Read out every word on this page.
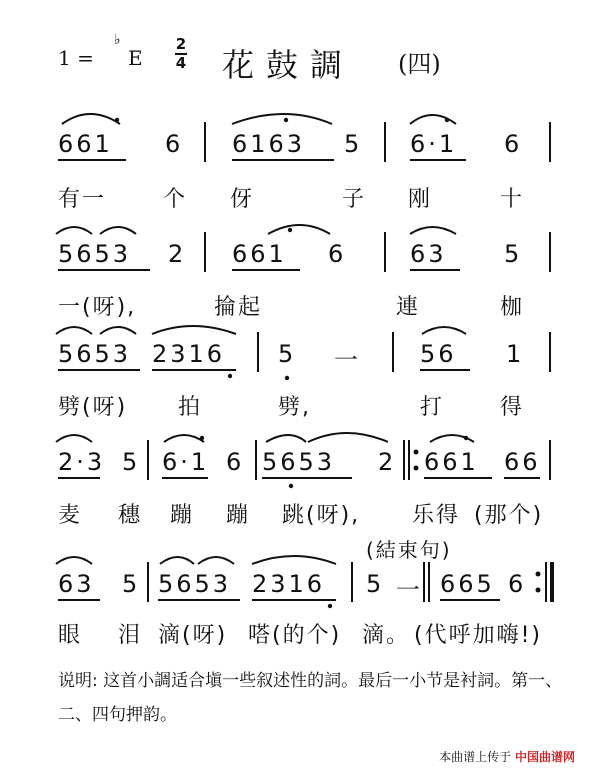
1 =
♭
E
2
4 花鼓調 (四)
661 6 6163 5 6·1 6
有一	个 伢	子 刚	十
5653 2 661 6	63 5
一(呀),	掄起	連	枷
5653 2316 5 一 56 1
劈(呀) 拍	劈,	打	得
2·3 5 6·1 6 5653 2 661 66
麦 穗 蹦 蹦 跳(呀), 乐得 (那个)
(結束句)
63 5 5653 2316 5 一 665 6
眼 泪 滴(呀) 嗒(的个) 滴。 (代呼加嗨!)
说明: 这首小調适合塡一些叙述性的詞。最后一小节是衬詞。第一、二、四句押韵。
本曲谱上传于 中国曲谱网
